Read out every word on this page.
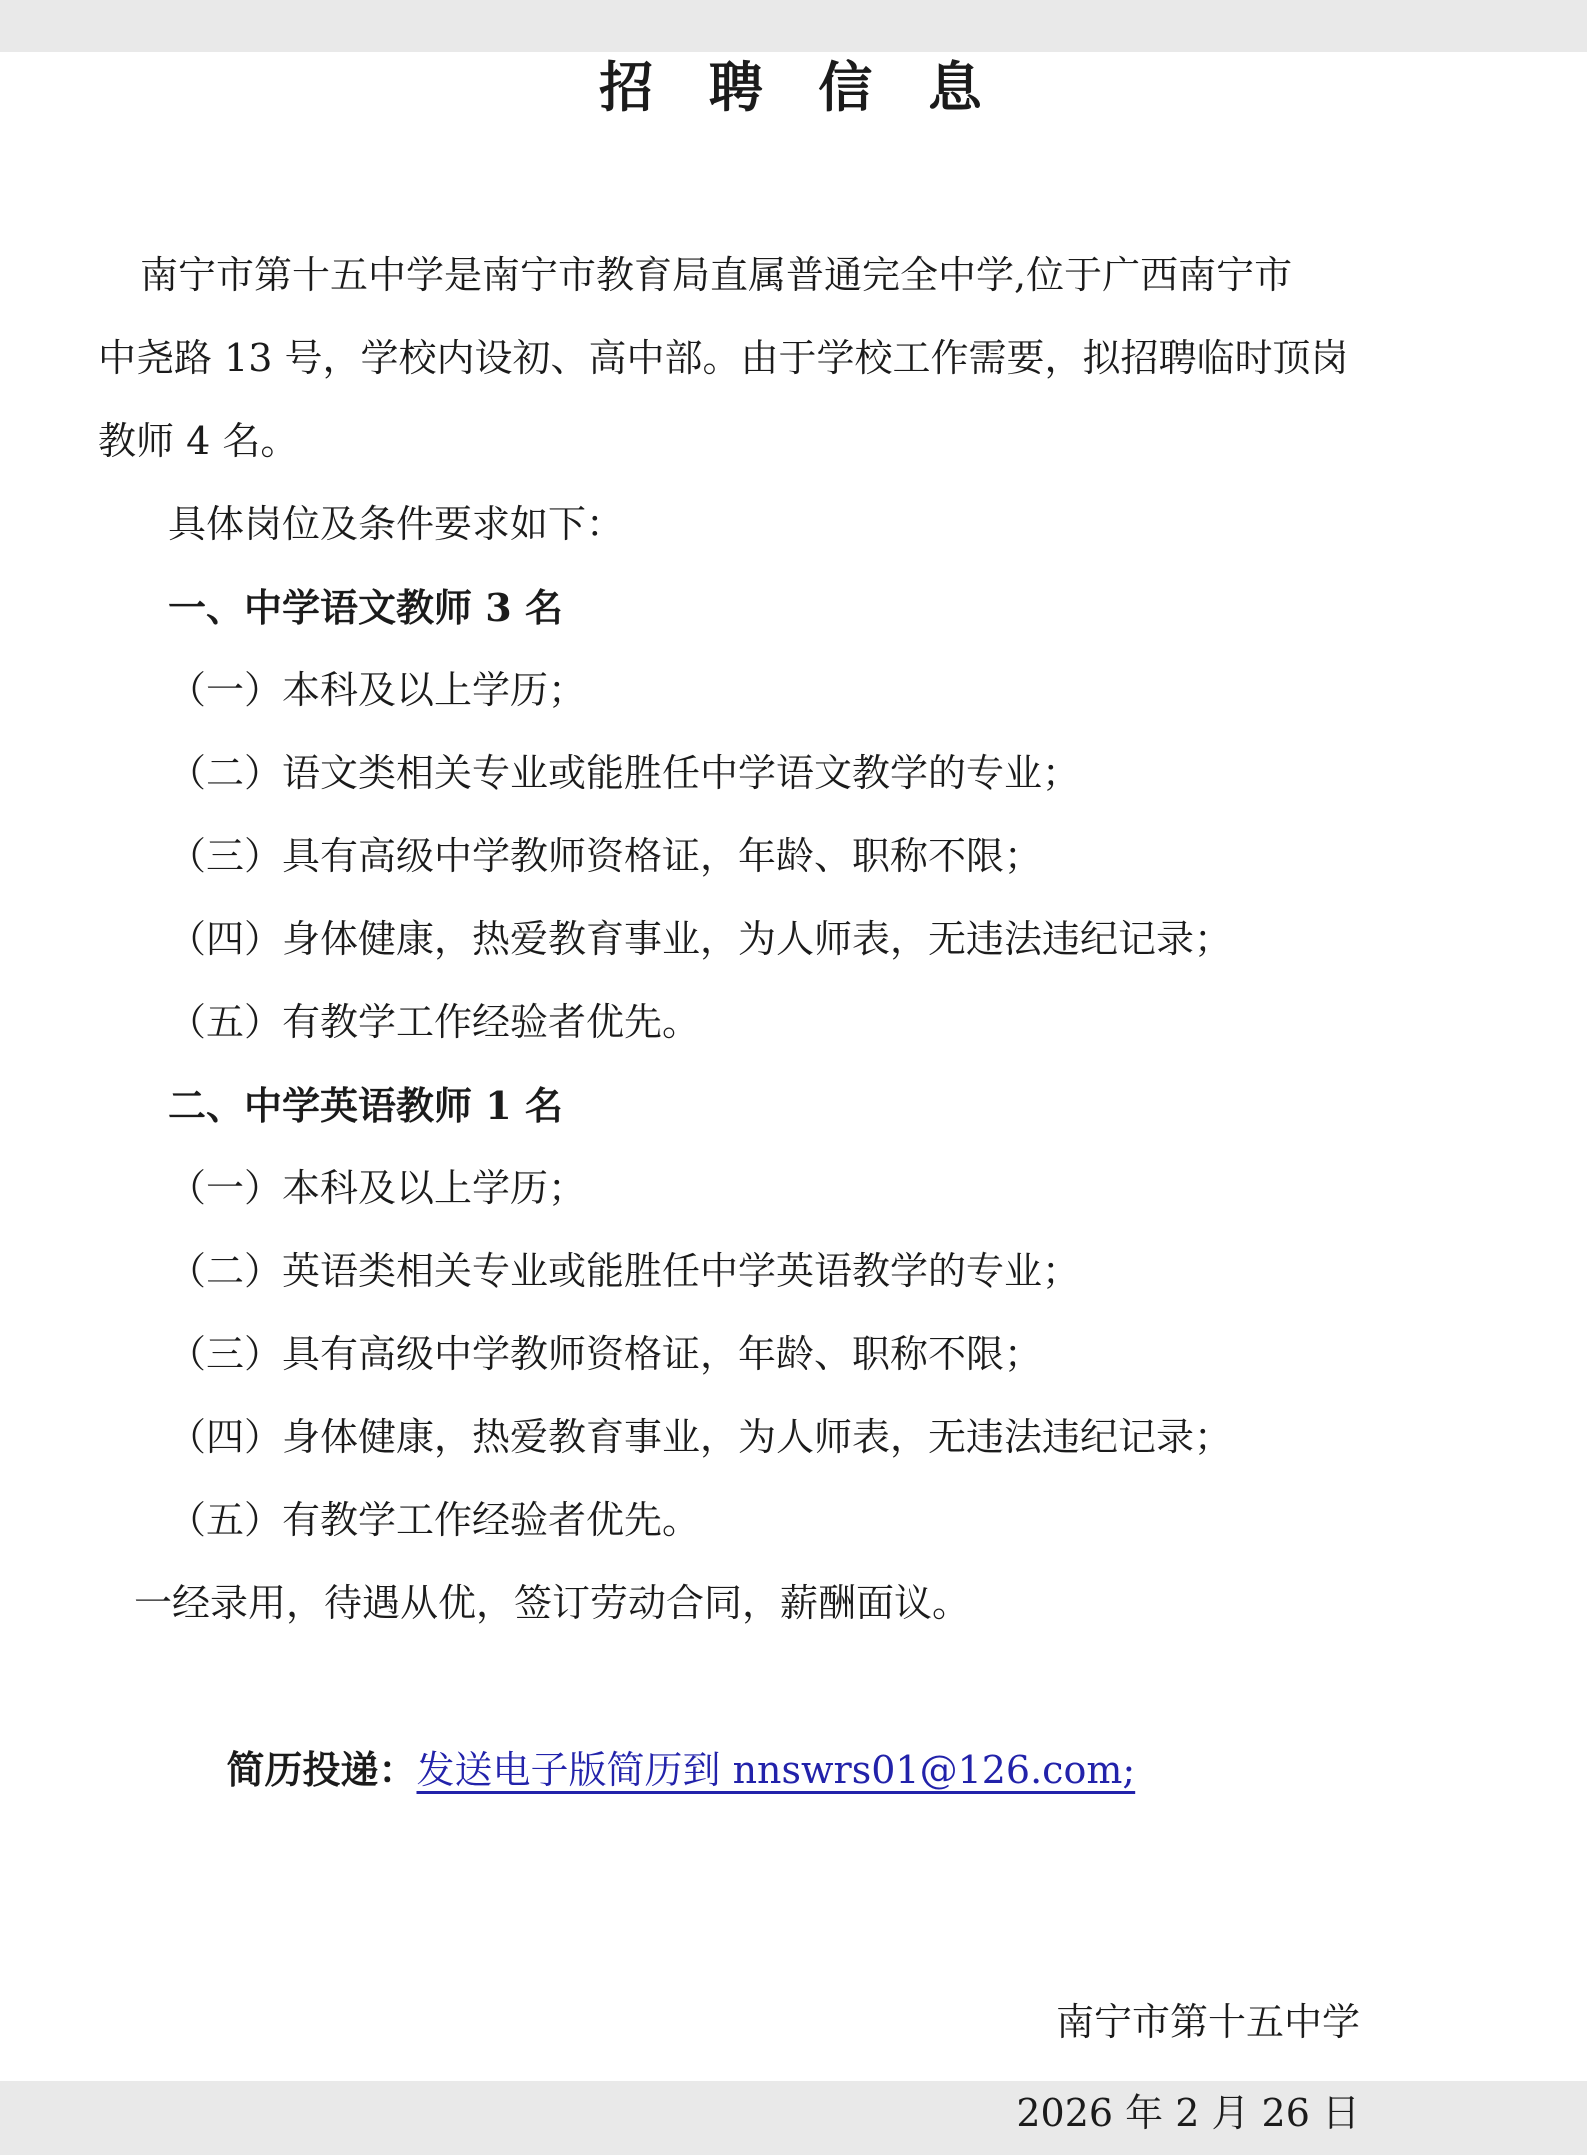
招  聘  信  息
南宁市第十五中学是南宁市教育局直属普通完全中学,位于广西南宁市
中尧路 13 号，学校内设初、高中部。由于学校工作需要，拟招聘临时顶岗
教师 4 名。
具体岗位及条件要求如下：
一、中学语文教师 3 名
（一）本科及以上学历；
（二）语文类相关专业或能胜任中学语文教学的专业；
（三）具有高级中学教师资格证，年龄、职称不限；
（四）身体健康，热爱教育事业，为人师表，无违法违纪记录；
（五）有教学工作经验者优先。
二、中学英语教师 1 名
（一）本科及以上学历；
（二）英语类相关专业或能胜任中学英语教学的专业；
（三）具有高级中学教师资格证，年龄、职称不限；
（四）身体健康，热爱教育事业，为人师表，无违法违纪记录；
（五）有教学工作经验者优先。
一经录用，待遇从优，签订劳动合同，薪酬面议。

简历投递：发送电子版简历到 nnswrs01@126.com;

南宁市第十五中学
2026 年 2 月 26 日
